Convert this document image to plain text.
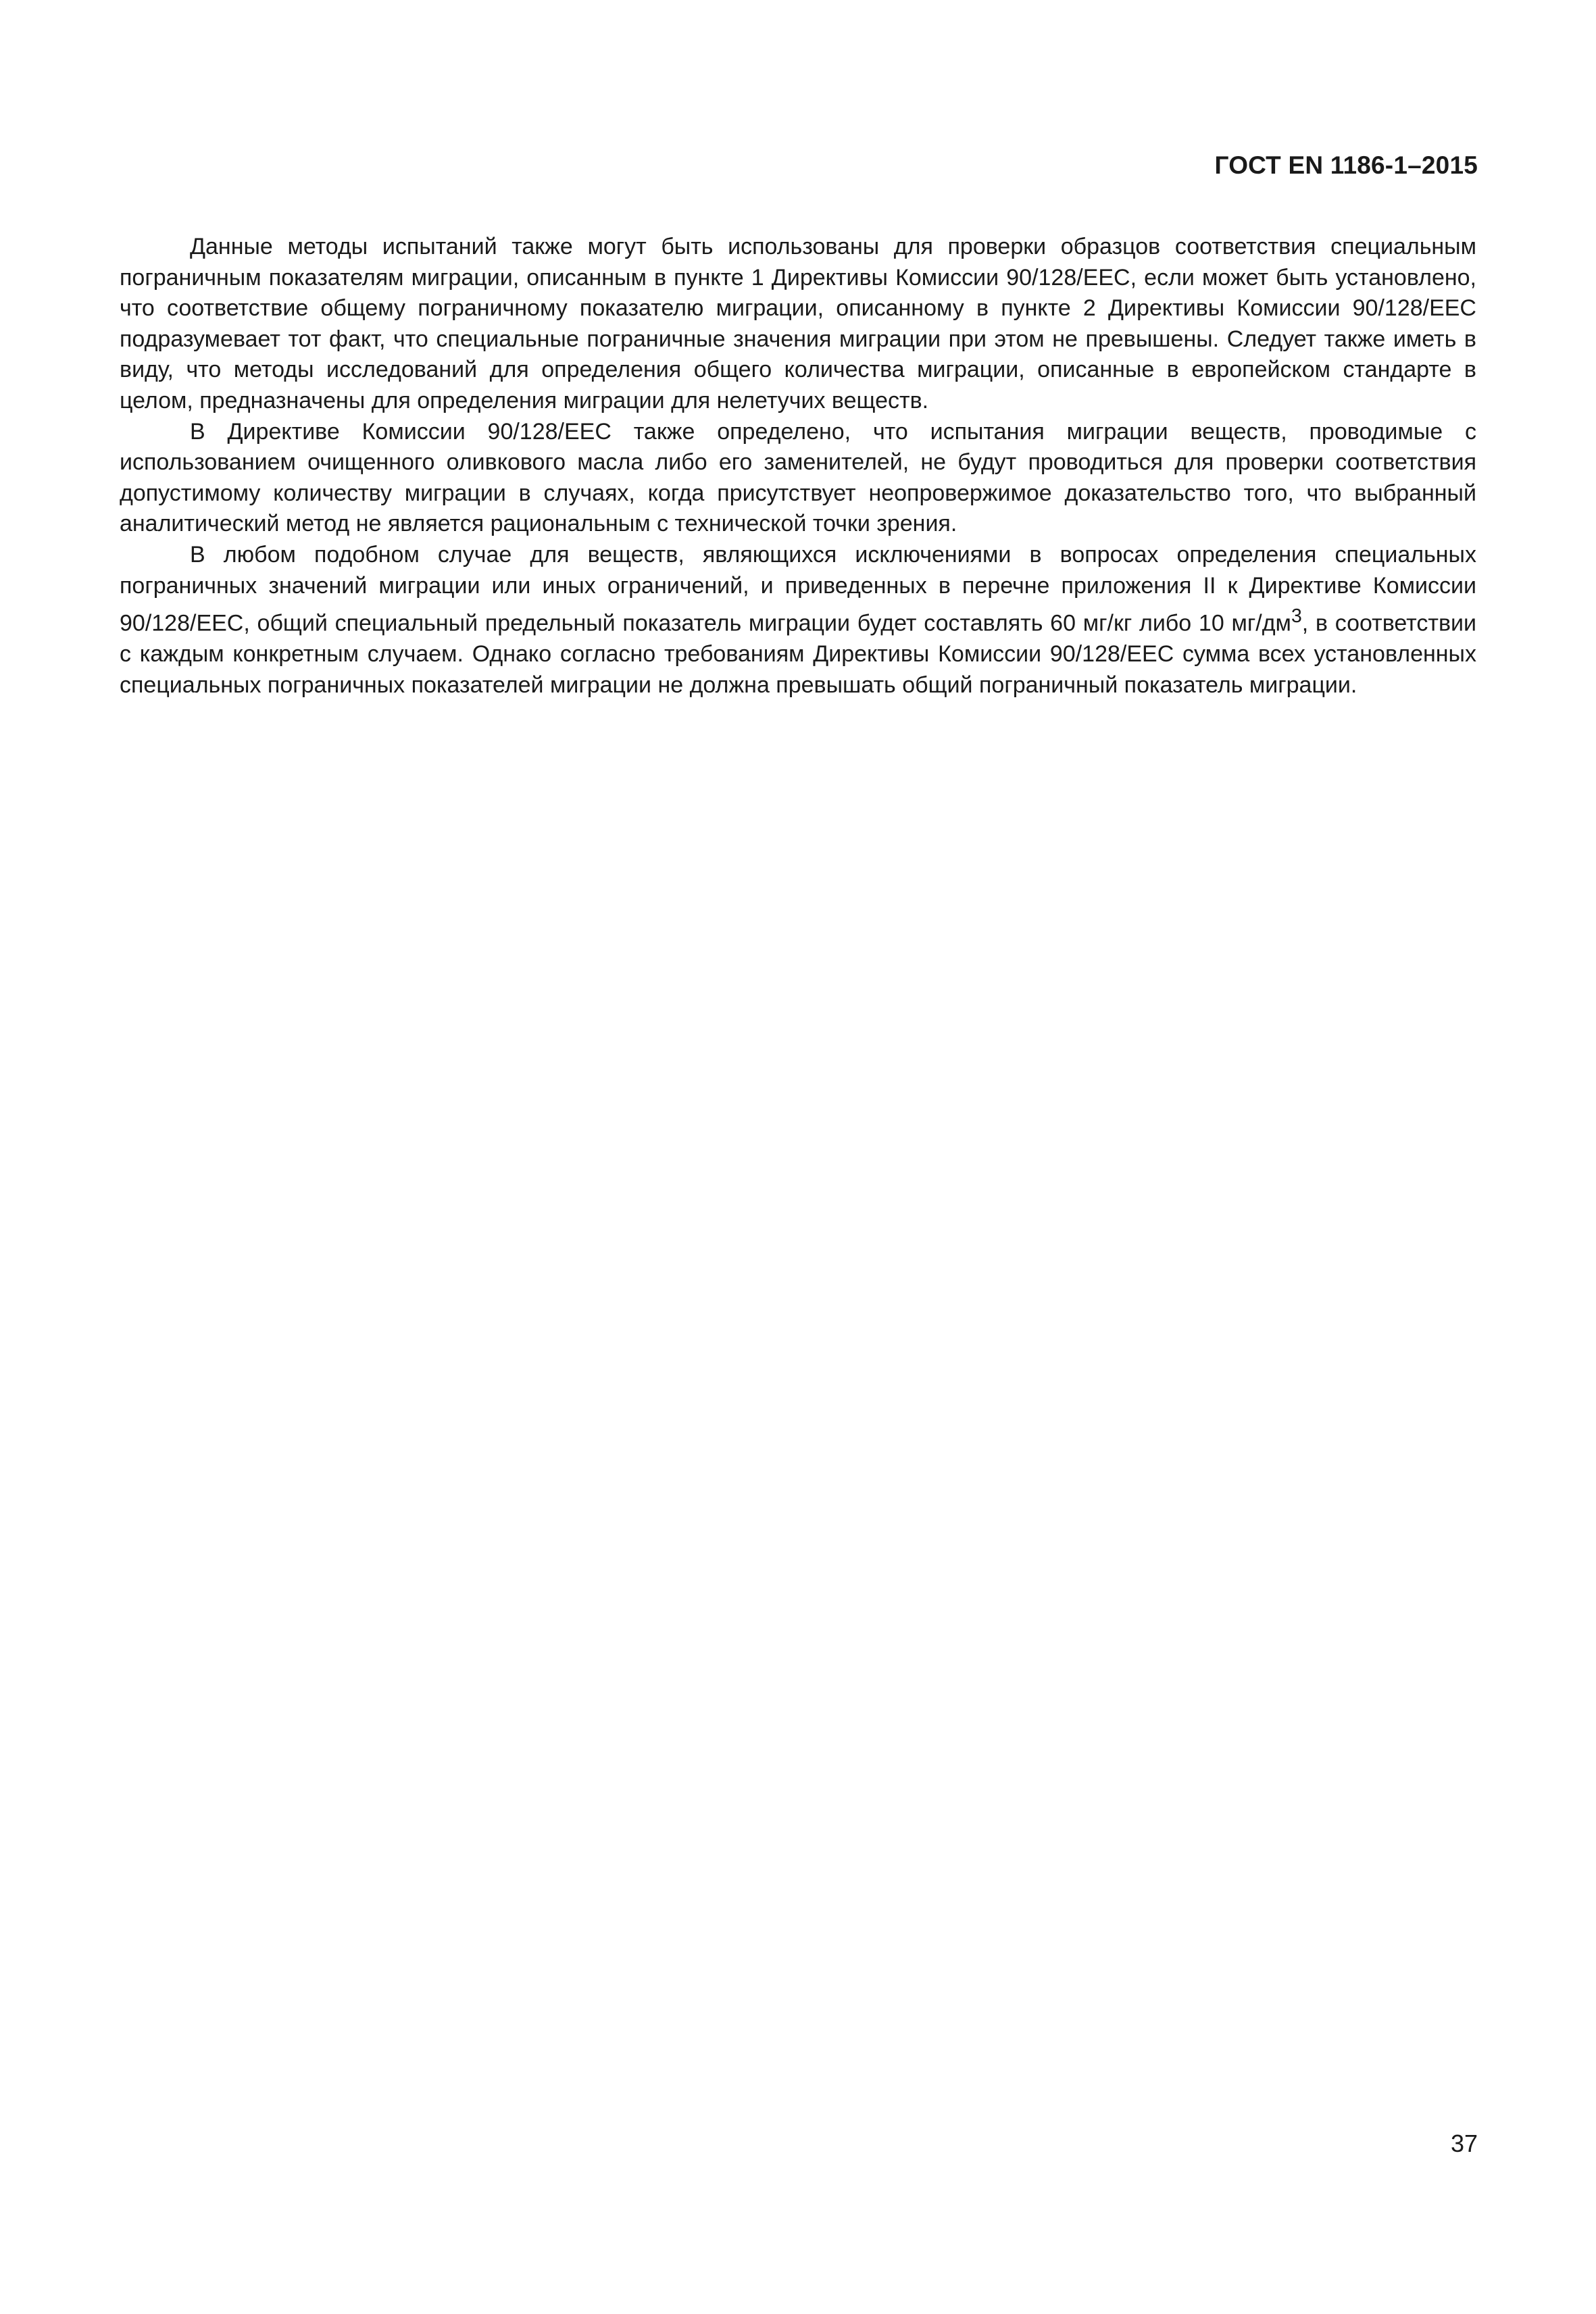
ГОСТ EN 1186-1–2015

Данные методы испытаний также могут быть использованы для проверки образцов соответствия специальным пограничным показателям миграции, описанным в пункте 1 Директивы Комиссии 90/128/EEC, если может быть установлено, что соответствие общему пограничному показателю миграции, описанному в пункте 2 Директивы Комиссии 90/128/EEC подразумевает тот факт, что специальные пограничные значения миграции при этом не превышены. Следует также иметь в виду, что методы исследований для определения общего количества миграции, описанные в европейском стандарте в целом, предназначены для определения миграции для нелетучих веществ.

В Директиве Комиссии 90/128/EEC также определено, что испытания миграции веществ, проводимые с использованием очищенного оливкового масла либо его заменителей, не будут проводиться для проверки соответствия допустимому количеству миграции в случаях, когда присутствует неопровержимое доказательство того, что выбранный аналитический метод не является рациональным с технической точки зрения.

В любом подобном случае для веществ, являющихся исключениями в вопросах определения специальных пограничных значений миграции или иных ограничений, и приведенных в перечне приложения II к Директиве Комиссии 90/128/EEC, общий специальный предельный показатель миграции будет составлять 60 мг/кг либо 10 $мг/дм^3$, в соответствии с каждым конкретным случаем. Однако согласно требованиям Директивы Комиссии 90/128/EEC сумма всех установленных специальных пограничных показателей миграции не должна превышать общий пограничный показатель миграции.

37
